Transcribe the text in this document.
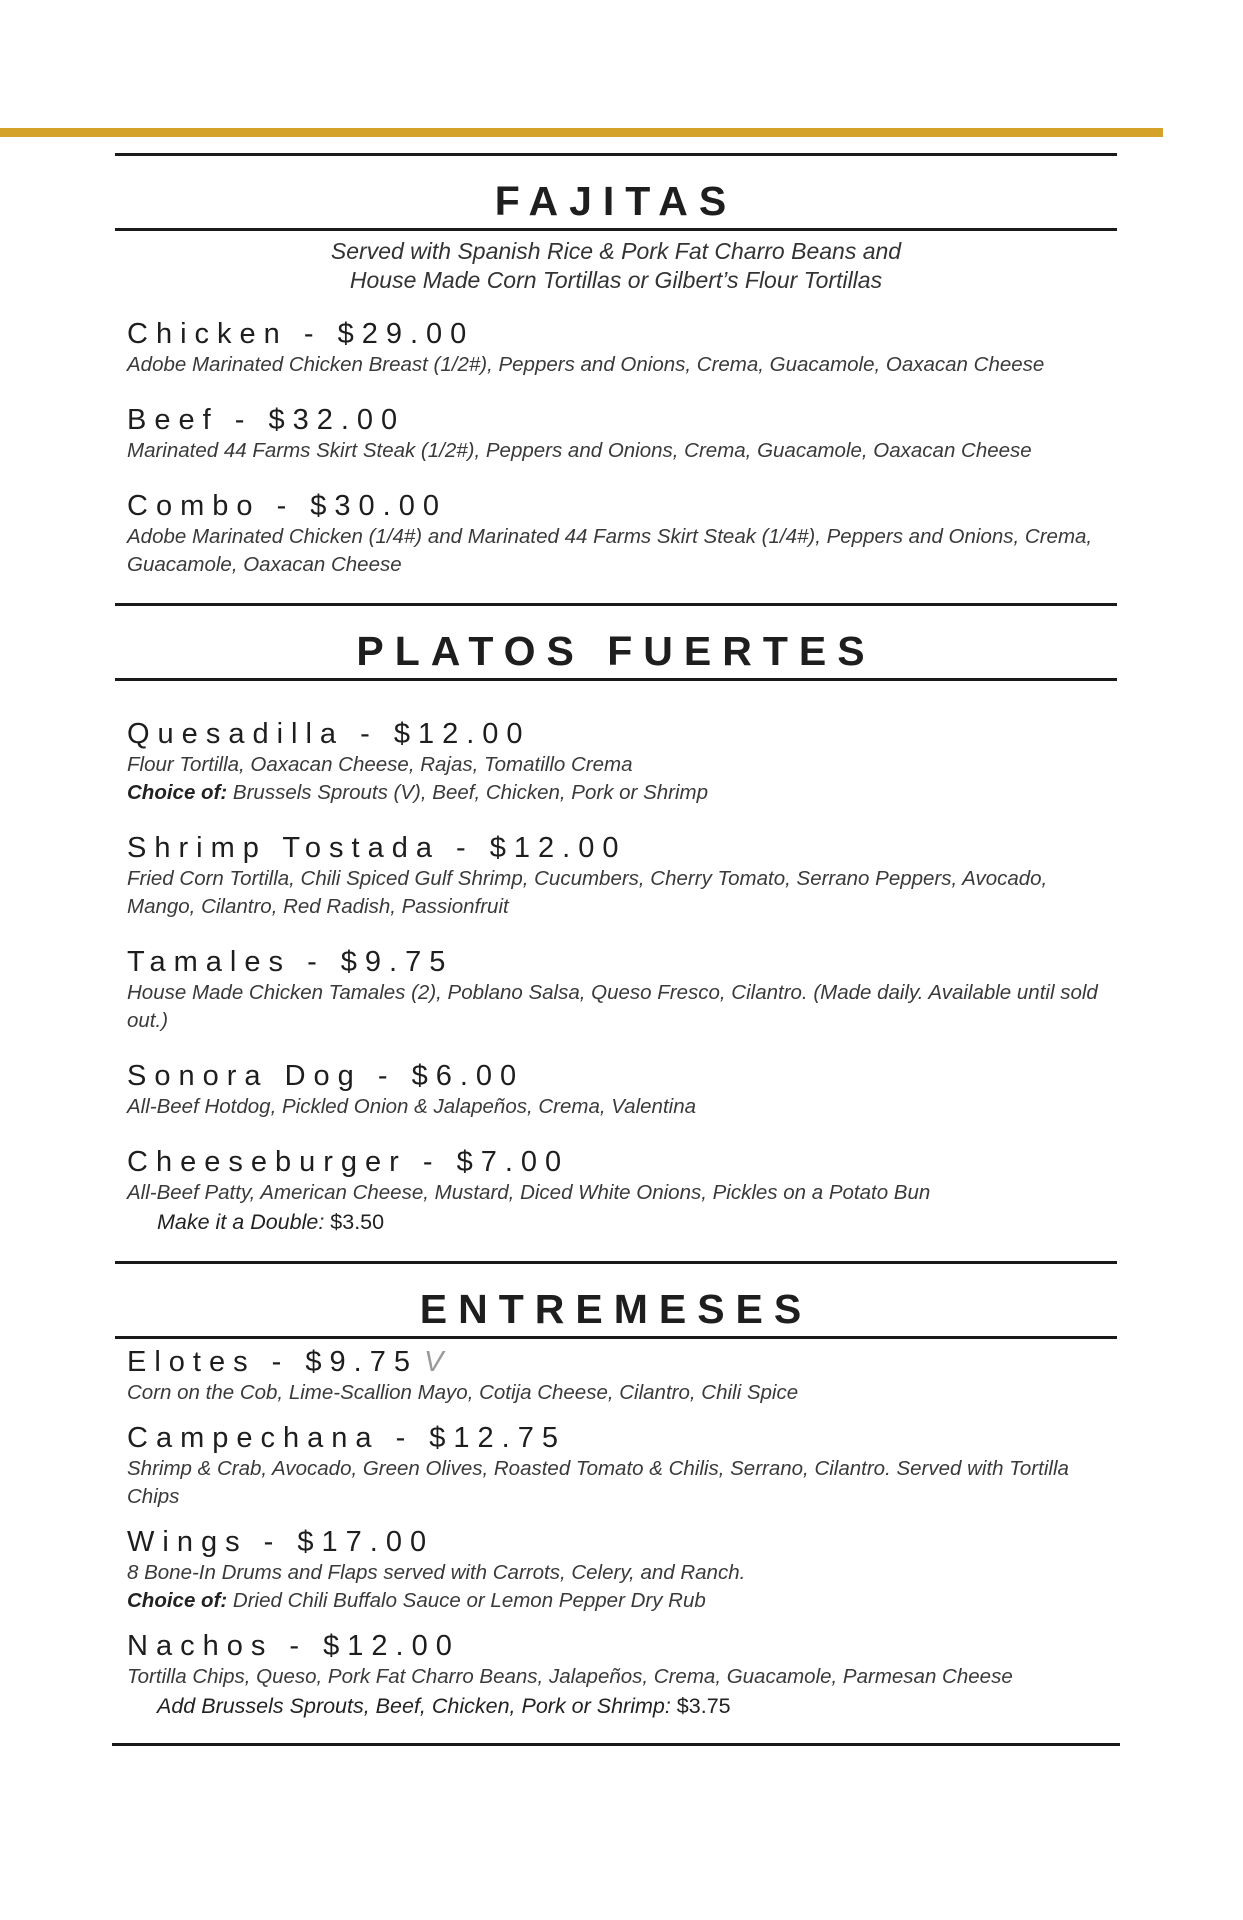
FAJITAS

Served with Spanish Rice & Pork Fat Charro Beans and
House Made Corn Tortillas or Gilbert’s Flour Tortillas

Chicken - $29.00
Adobe Marinated Chicken Breast (1/2#), Peppers and Onions, Crema, Guacamole, Oaxacan Cheese
Beef - $32.00
Marinated 44 Farms Skirt Steak (1/2#), Peppers and Onions, Crema, Guacamole, Oaxacan Cheese
Combo - $30.00
Adobe Marinated Chicken (1/4#) and Marinated 44 Farms Skirt Steak (1/4#), Peppers and Onions, Crema, Guacamole, Oaxacan Cheese
PLATOS FUERTES
Quesadilla - $12.00
Flour Tortilla, Oaxacan Cheese, Rajas, Tomatillo Crema
Choice of: Brussels Sprouts (V), Beef, Chicken, Pork or Shrimp
Shrimp Tostada - $12.00
Fried Corn Tortilla, Chili Spiced Gulf Shrimp, Cucumbers, Cherry Tomato, Serrano Peppers, Avocado, Mango, Cilantro, Red Radish, Passionfruit
Tamales - $9.75
House Made Chicken Tamales (2), Poblano Salsa, Queso Fresco, Cilantro. (Made daily. Available until sold out.)
Sonora Dog - $6.00
All-Beef Hotdog, Pickled Onion & Jalapeños, Crema, Valentina
Cheeseburger - $7.00
All-Beef Patty, American Cheese, Mustard, Diced White Onions, Pickles on a Potato Bun
Make it a Double: $3.50
ENTREMESES
Elotes - $9.75 V
Corn on the Cob, Lime-Scallion Mayo, Cotija Cheese, Cilantro, Chili Spice
Campechana - $12.75
Shrimp & Crab, Avocado, Green Olives, Roasted Tomato & Chilis, Serrano, Cilantro. Served with Tortilla Chips
Wings - $17.00
8 Bone-In Drums and Flaps served with Carrots, Celery, and Ranch.
Choice of: Dried Chili Buffalo Sauce or Lemon Pepper Dry Rub
Nachos - $12.00
Tortilla Chips, Queso, Pork Fat Charro Beans, Jalapeños, Crema, Guacamole, Parmesan Cheese
Add Brussels Sprouts, Beef, Chicken, Pork or Shrimp: $3.75
